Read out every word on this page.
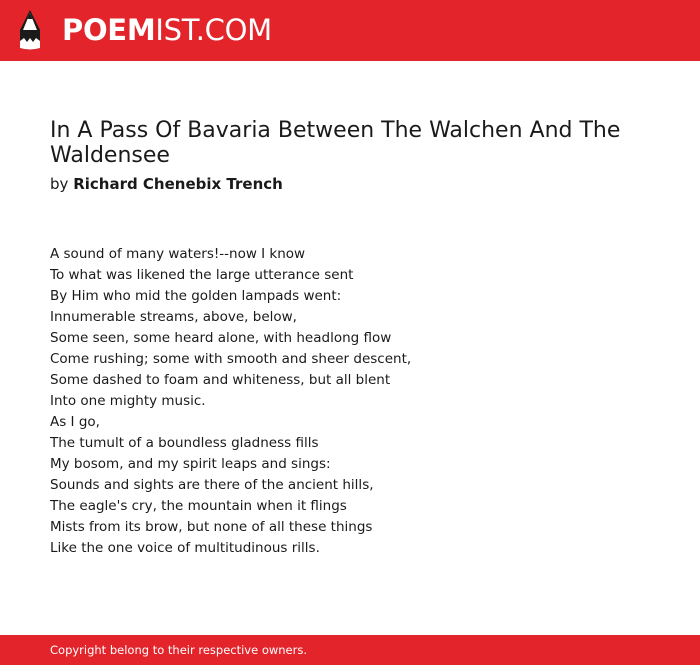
POEMIST.COM
In A Pass Of Bavaria Between The Walchen And The Waldensee
by Richard Chenebix Trench
A sound of many waters!--now I know
To what was likened the large utterance sent
By Him who mid the golden lampads went:
Innumerable streams, above, below,
Some seen, some heard alone, with headlong flow
Come rushing; some with smooth and sheer descent,
Some dashed to foam and whiteness, but all blent
Into one mighty music.
As I go,
The tumult of a boundless gladness fills
My bosom, and my spirit leaps and sings:
Sounds and sights are there of the ancient hills,
The eagle's cry, the mountain when it flings
Mists from its brow, but none of all these things
Like the one voice of multitudinous rills.
Copyright belong to their respective owners.
